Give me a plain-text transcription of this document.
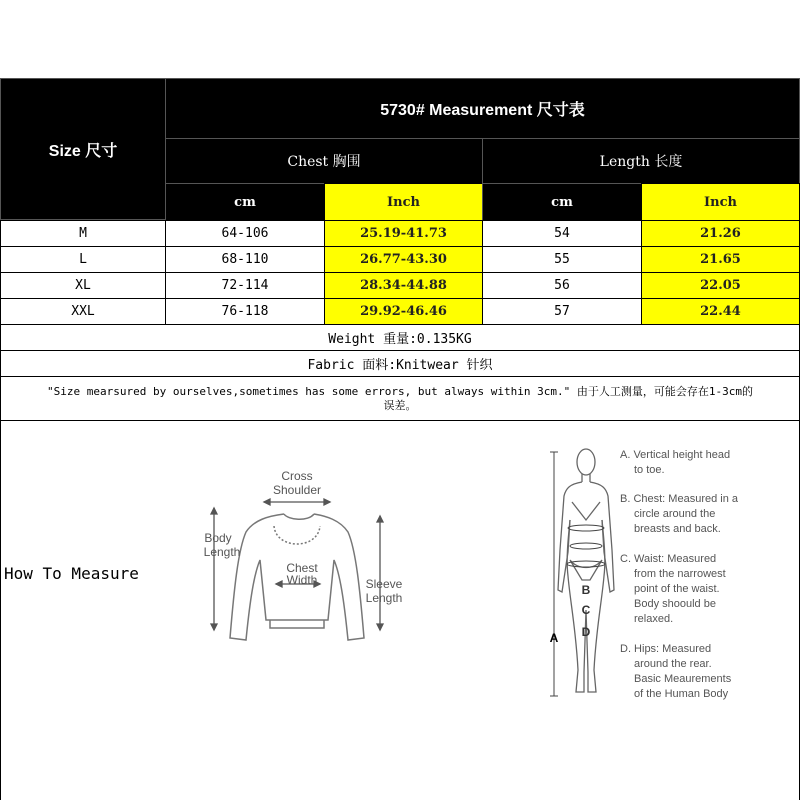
Size 尺寸
5730# Measurement 尺寸表
Chest 胸围	Length 长度
cm	Inch	cm	Inch
M	64-106	25.19-41.73	54	21.26
L	68-110	26.77-43.30	55	21.65
XL	72-114	28.34-44.88	56	22.05
XXL	76-118	29.92-46.46	57	22.44
Weight 重量:0.135KG
Fabric 面料:Knitwear 针织
"Size mearsured by ourselves,sometimes has some errors, but always within 3cm." 由于人工测量，可能会存在1-3cm的
误差。
How To Measure
Cross
Shoulder
Body
Length
Chest
Width	Sleeve
Length
A
B
C
D
A. Vertical height head
to toe.
B. Chest: Measured in a
circle around the
breasts and back.
C. Waist: Measured
from the narrowest
point of the waist.
Body shoould be
relaxed.
D. Hips: Measured
around the rear.
Basic Meaurements
of the Human Body
